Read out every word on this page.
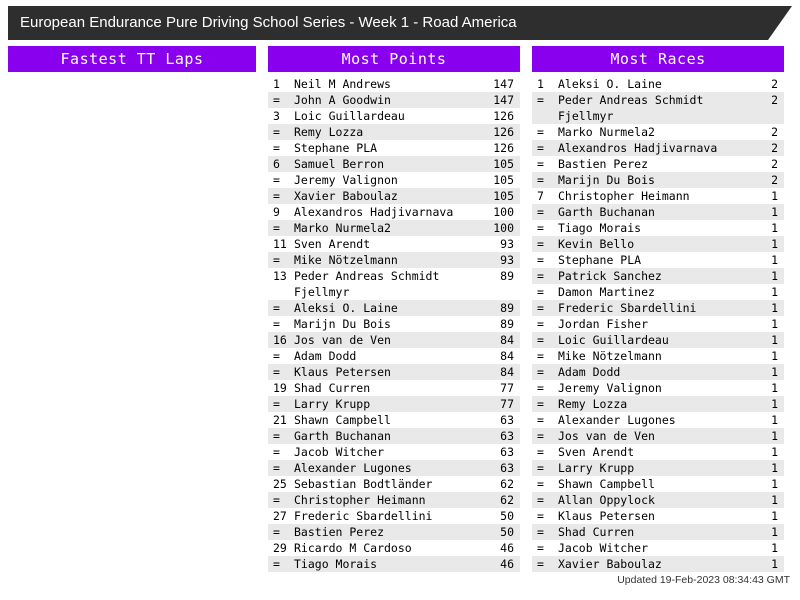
European Endurance Pure Driving School Series - Week 1 - Road America
Fastest TT Laps	Most Points
1	Neil M Andrews	147
=	John A Goodwin	147
3	Loic Guillardeau	126
=	Remy Lozza	126
=	Stephane PLA	126
6	Samuel Berron	105
=	Jeremy Valignon	105
=	Xavier Baboulaz	105
9	Alexandros Hadjivarnava	100
=	Marko Nurmela2	100
11 Sven Arendt	93
=	Mike Nötzelmann	93
13 Peder Andreas Schmidt Fjellmyr
89
=	Aleksi O. Laine	89
=	Marijn Du Bois	89
16 Jos van de Ven	84
=	Adam Dodd	84
=	Klaus Petersen	84
19 Shad Curren	77
=	Larry Krupp	77
21 Shawn Campbell	63
=	Garth Buchanan	63
=	Jacob Witcher	63
=	Alexander Lugones	63
25 Sebastian Bodtländer	62
=	Christopher Heimann	62
27 Frederic Sbardellini	50
=	Bastien Perez	50
29 Ricardo M Cardoso	46
=	Tiago Morais	46
Most Races
1	Aleksi O. Laine	2
=	Peder Andreas Schmidt Fjellmyr
2
=	Marko Nurmela2	2
=	Alexandros Hadjivarnava	2
=	Bastien Perez	2
=	Marijn Du Bois	2
7	Christopher Heimann	1
=	Garth Buchanan	1
=	Tiago Morais	1
=	Kevin Bello	1
=	Stephane PLA	1
=	Patrick Sanchez	1
=	Damon Martinez	1
=	Frederic Sbardellini	1
=	Jordan Fisher	1
=	Loic Guillardeau	1
=	Mike Nötzelmann	1
=	Adam Dodd	1
=	Jeremy Valignon	1
=	Remy Lozza	1
=	Alexander Lugones	1
=	Jos van de Ven	1
=	Sven Arendt	1
=	Larry Krupp	1
=	Shawn Campbell	1
=	Allan Oppylock	1
=	Klaus Petersen	1
=	Shad Curren	1
=	Jacob Witcher	1
=	Xavier Baboulaz	1
Updated 19-Feb-2023 08:34:43 GMT
